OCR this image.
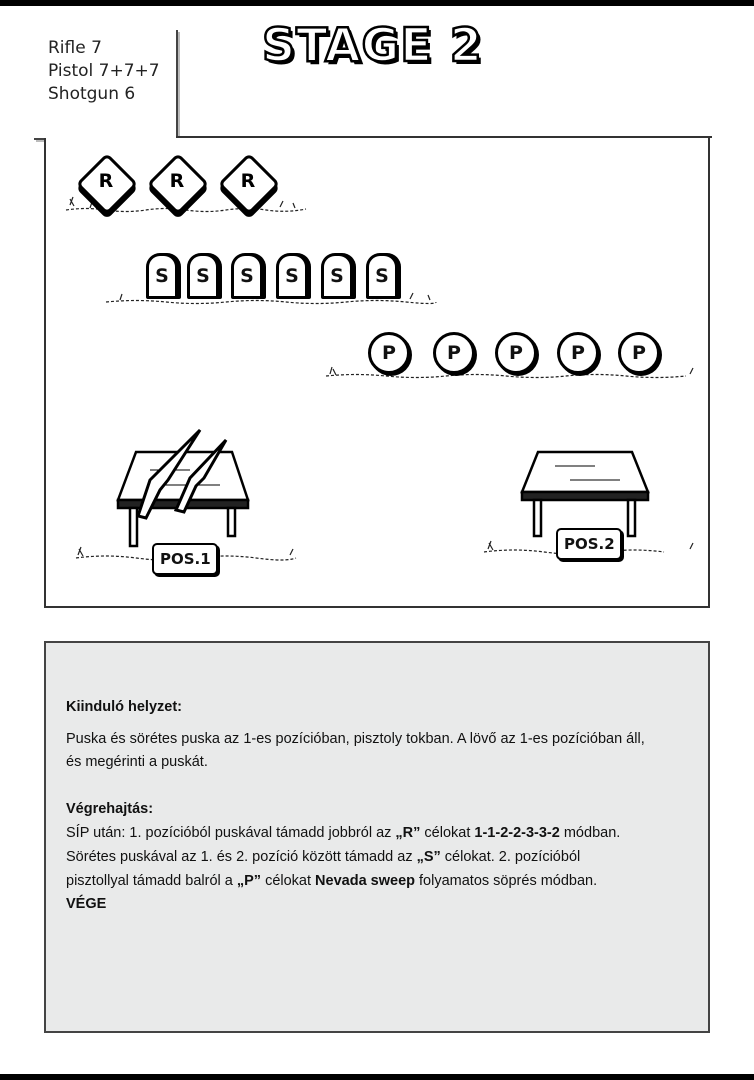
Rifle 7
Pistol 7+7+7
Shotgun 6
STAGE 2
R	R	R
S	S	S	S	S	S
P	P	P	P	P
POS.1
POS.2

Kiinduló helyzet:

Puska és sörétes puska az 1-es pozícióban, pisztoly tokban. A lövő az 1-es pozícióban áll,

és megérinti a puskát.

Végrehajtás:

SÍP után: 1. pozícióból puskával támadd jobbról az „R” célokat 1-1-2-2-3-3-2 módban.

Sörétes puskával az 1. és 2. pozíció között támadd az „S” célokat. 2. pozícióból

pisztollyal támadd balról a „P” célokat Nevada sweep folyamatos söprés módban.

VÉGE
